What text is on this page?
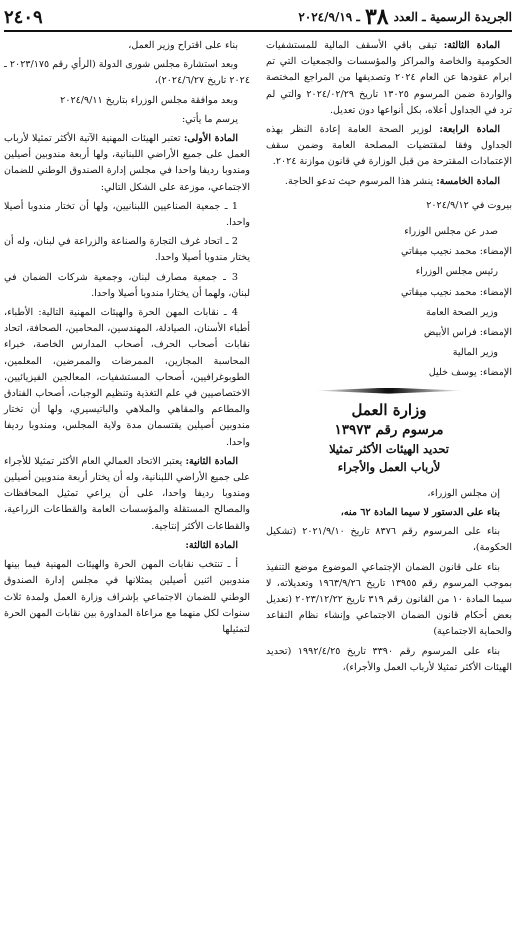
الجريدة الرسمية ـ العدد
٣٨
ـ ٢٠٢٤/٩/١٩
٢٤٠٩

المادة الثالثة: تبقى باقي الأسقف المالية للمستشفيات الحكومية والخاصة والمراكز والمؤسسات والجمعيات التي تم ابرام عقودها عن العام ٢٠٢٤ وتصديقها من المراجع المختصة والواردة ضمن المرسوم ١٣٠٢٥ تاريخ ٢٠٢٤/٠٢/٢٩ والتي لم ترد في الجداول أعلاه، بكل أنواعها دون تعديل.

المادة الرابعة: لوزير الصحة العامة إعادة النظر بهذه الجداول وفقا لمقتضيات المصلحة العامة وضمن سقف الإعتمادات المقترحة من قبل الوزارة في قانون موازنة ٢٠٢٤.

المادة الخامسة: ينشر هذا المرسوم حيث تدعو الحاجة.

بيروت في ٢٠٢٤/٩/١٢

صدر عن مجلس الوزراء

الإمضاء: محمد نجيب ميقاتي

رئيس مجلس الوزراء

الإمضاء: محمد نجيب ميقاتي

وزير الصحة العامة

الإمضاء: فراس الأبيض

وزير المالية

الإمضاء: يوسف خليل

وزارة العمل

مرسوم رقم ١٣٩٧٣

تحديد الهيئات الأكثر تمثيلا

لأرباب العمل والأجراء

إن مجلس الوزراء،

بناء على الدستور لا سيما المادة ٦٢ منه،

بناء على المرسوم رقم ٨٣٧٦ تاريخ ٢٠٢١/٩/١٠ (تشكيل الحكومة)،

بناء على قانون الضمان الإجتماعي الموضوع موضع التنفيذ بموجب المرسوم رقم ١٣٩٥٥ تاريخ ١٩٦٣/٩/٢٦ وتعديلاته، لا سيما المادة ١٠ من القانون رقم ٣١٩ تاريخ ٢٠٢٣/١٢/٢٢ (تعديل بعض أحكام قانون الضمان الاجتماعي وإنشاء نظام التقاعد والحماية الاجتماعية)

بناء على المرسوم رقم ٣٣٩٠ تاريخ ١٩٩٢/٤/٢٥ (تحديد الهيئات الأكثر تمثيلا لأرباب العمل والأجراء)،

بناء على اقتراح وزير العمل،

وبعد استشارة مجلس شورى الدولة (الرأي رقم ٢٠٢٣/١٧٥ ـ ٢٠٢٤ تاريخ ٢٠٢٤/٦/٢٧)،

وبعد موافقة مجلس الوزراء بتاريخ ٢٠٢٤/٩/١١

يرسم ما يأتي:

المادة الأولى: تعتبر الهيئات المهنية الآتية الأكثر تمثيلا لأرباب العمل على جميع الأراضي اللبنانية، ولها أربعة مندوبين أصيلين ومندوبا رديفا واحدا في مجلس إدارة الصندوق الوطني للضمان الاجتماعي، موزعة على الشكل التالي:

1 ـ جمعية الصناعيين اللبنانيين، ولها أن تختار مندوبا أصيلا واحدا.

2 ـ اتحاد غرف التجارة والصناعة والزراعة في لبنان، وله أن يختار مندوبا أصيلا واحدا.

3 ـ جمعية مصارف لبنان، وجمعية شركات الضمان في لبنان، ولهما أن يختارا مندوبا أصيلا واحدا.

4 ـ نقابات المهن الحرة والهيئات المهنية التالية: الأطباء، أطباء الأسنان، الصيادلة، المهندسين، المحامين، الصحافة، اتحاد نقابات أصحاب الحرف، أصحاب المدارس الخاصة، خبراء المحاسبة المجازين، الممرضات والممرضين، المعلمين، الطوبوغرافيين، أصحاب المستشفيات، المعالجين الفيزيائيين، الاختصاصيين في علم التغذية وتنظيم الوجبات، أصحاب الفنادق والمطاعم والمقاهي والملاهي والباتيسيري، ولها أن تختار مندوبين أصيلين يقتسمان مدة ولاية المجلس، ومندوبا رديفا واحدا.

المادة الثانية: يعتبر الاتحاد العمالي العام الأكثر تمثيلا للأجراء على جميع الأراضي اللبنانية، وله أن يختار أربعة مندوبين أصيلين ومندوبا رديفا واحدا، على أن يراعي تمثيل المحافظات والمصالح المستقلة والمؤسسات العامة والقطاعات الزراعية، والقطاعات الأكثر إنتاجية.

المادة الثالثة:

أ ـ تنتخب نقابات المهن الحرة والهيئات المهنية فيما بينها مندوبين اثنين أصيلين يمثلانها في مجلس إدارة الصندوق الوطني للضمان الاجتماعي بإشراف وزارة العمل ولمدة ثلاث سنوات لكل منهما مع مراعاة المداورة بين نقابات المهن الحرة لتمثيلها
